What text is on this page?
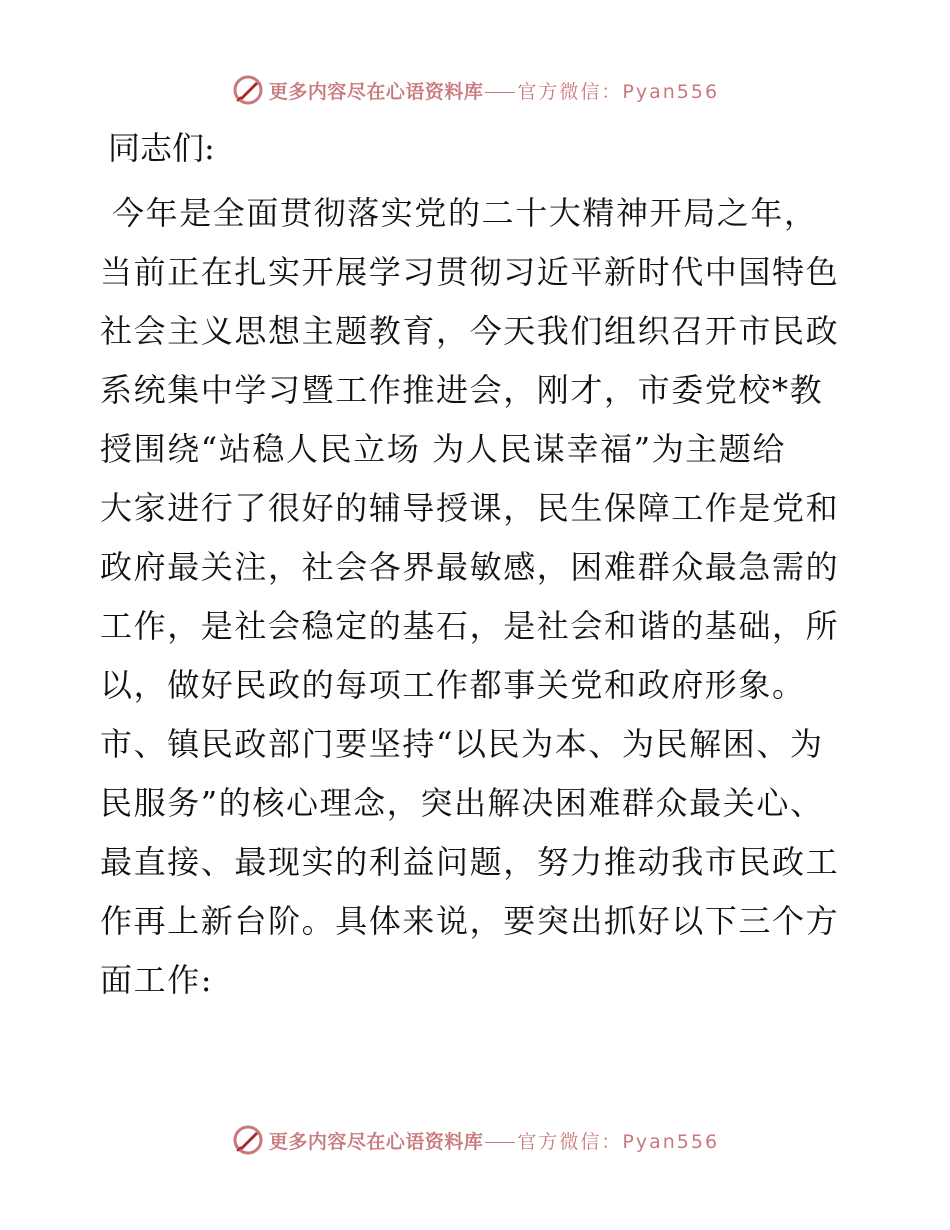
更多内容尽在心语资料库 官方微信：Pyan556
同志们:
今年是全面贯彻落实党的二十大精神开局之年，
当前正在扎实开展学习贯彻习近平新时代中国特色
社会主义思想主题教育，今天我们组织召开市民政
系统集中学习暨工作推进会，刚才，市委党校*教
授围绕“站稳人民立场 为人民谋幸福”为主题给
大家进行了很好的辅导授课，民生保障工作是党和
政府最关注，社会各界最敏感，困难群众最急需的
工作，是社会稳定的基石，是社会和谐的基础，所
以，做好民政的每项工作都事关党和政府形象。
市、镇民政部门要坚持“以民为本、为民解困、为
民服务”的核心理念，突出解决困难群众最关心、
最直接、最现实的利益问题，努力推动我市民政工
作再上新台阶。具体来说，要突出抓好以下三个方
面工作:
更多内容尽在心语资料库 官方微信：Pyan556
